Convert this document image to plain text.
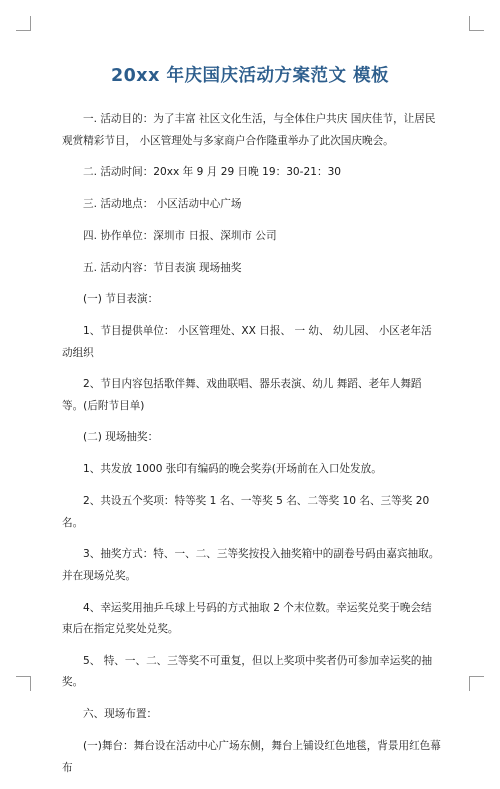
20xx 年庆国庆活动方案范文 模板

一. 活动目的：为了丰富 社区文化生活，与全体住户共庆 国庆佳节，让居民观赏精彩节目， 小区管理处与多家商户合作隆重举办了此次国庆晚会。

二. 活动时间：20xx 年 9 月 29 日晚 19：30-21：30

三. 活动地点： 小区活动中心广场

四. 协作单位：深圳市 日报、深圳市 公司

五. 活动内容：节目表演 现场抽奖

(一) 节目表演：

1、节目提供单位： 小区管理处、XX 日报、 一 幼、 幼儿园、 小区老年活动组织

2、节目内容包括歌伴舞、戏曲联唱、器乐表演、幼儿 舞蹈、老年人舞蹈等。(后附节目单)

(二) 现场抽奖：

1、共发放 1000 张印有编码的晚会奖券(开场前在入口处发放。

2、共设五个奖项：特等奖 1 名、一等奖 5 名、二等奖 10 名、三等奖 20 名。

3、抽奖方式：特、一、二、三等奖按投入抽奖箱中的副卷号码由嘉宾抽取。并在现场兑奖。

4、幸运奖用抽乒乓球上号码的方式抽取 2 个末位数。幸运奖兑奖于晚会结束后在指定兑奖处兑奖。

5、 特、一、二、三等奖不可重复，但以上奖项中奖者仍可参加幸运奖的抽奖。

六、现场布置：

(一)舞台：舞台设在活动中心广场东侧，舞台上铺设红色地毯，背景用红色幕布
